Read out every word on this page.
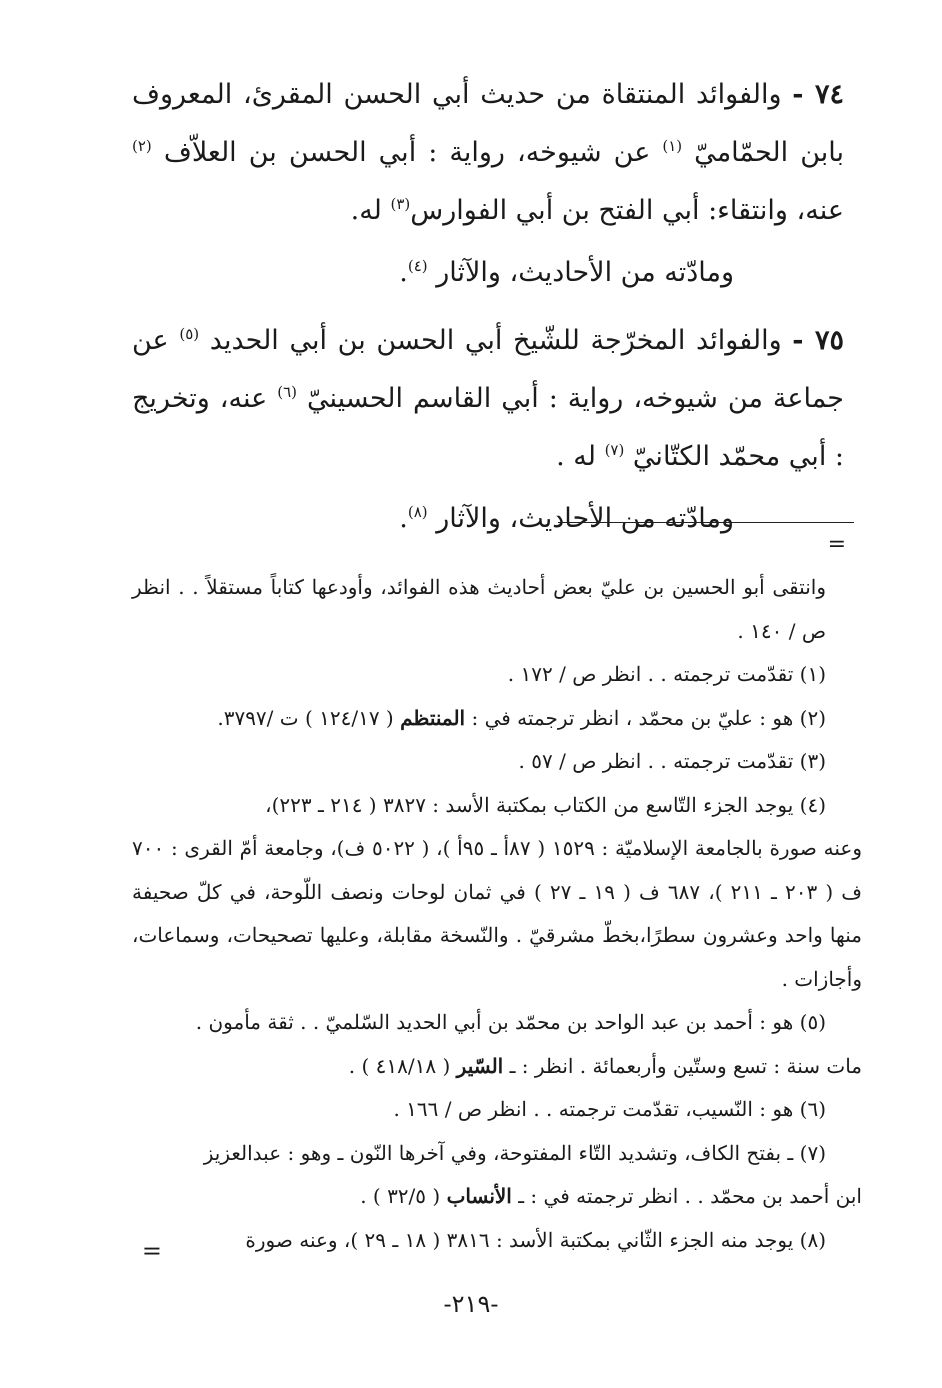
٧٤ - والفوائد المنتقاة من حديث أبي الحسن المقرئ، المعروف بابن الحمّاميّ $^{(١)}$ عن شيوخه، رواية : أبي الحسن بن العلاّف $^{(٢)}$ عنه، وانتقاء: أبي الفتح بن أبي الفوارس$^{(٣)}$ له.

ومادّته من الأحاديث، والآثار $^{(٤)}$.

٧٥ - والفوائد المخرّجة للشّيخ أبي الحسن بن أبي الحديد $^{(٥)}$ عن جماعة من شيوخه، رواية : أبي القاسم الحسينيّ $^{(٦)}$ عنه، وتخريج : أبي محمّد الكتّانيّ $^{(٧)}$ له .

ومادّته من الأحاديث، والآثار $^{(٨)}$.

=

وانتقى أبو الحسين بن عليّ بعض أحاديث هذه الفوائد، وأودعها كتاباً مستقلاً . . انظر ص / ١٤٠ .

(١) تقدّمت ترجمته . . انظر ص / ١٧٢ .

(٢) هو : عليّ بن محمّد ، انظر ترجمته في : المنتظم ( ١٢٤/١٧ ) ت /٣٧٩٧.

(٣) تقدّمت ترجمته . . انظر ص / ٥٧ .

(٤) يوجد الجزء التّاسع من الكتاب بمكتبة الأسد : ٣٨٢٧ ( ٢١٤ ـ ٢٢٣)،

وعنه صورة بالجامعة الإسلاميّة : ١٥٢٩ ( ٨٧أ ـ ٩٥أ )، ( ٥٠٢٢ ف)، وجامعة أمّ القرى : ٧٠٠ ف ( ٢٠٣ ـ ٢١١ )، ٦٨٧ ف ( ١٩ ـ ٢٧ ) في ثمان لوحات ونصف اللّوحة، في كلّ صحيفة منها واحد وعشرون سطرًا،بخطّ مشرقيّ . والنّسخة مقابلة، وعليها تصحيحات، وسماعات، وأجازات .

(٥) هو : أحمد بن عبد الواحد بن محمّد بن أبي الحديد السّلميّ . . ثقة مأمون .

مات سنة : تسع وستّين وأربعمائة . انظر : ـ السّير ( ٤١٨/١٨ ) .

(٦) هو : النّسيب، تقدّمت ترجمته . . انظر ص / ١٦٦ .

(٧) ـ بفتح الكاف، وتشديد التّاء المفتوحة، وفي آخرها النّون ـ وهو : عبدالعزيز

ابن أحمد بن محمّد . . انظر ترجمته في : ـ الأنساب ( ٣٢/٥ ) .

(٨) يوجد منه الجزء الثّاني بمكتبة الأسد : ٣٨١٦ ( ١٨ ـ ٢٩ )، وعنه صورة

=
-٢١٩-
